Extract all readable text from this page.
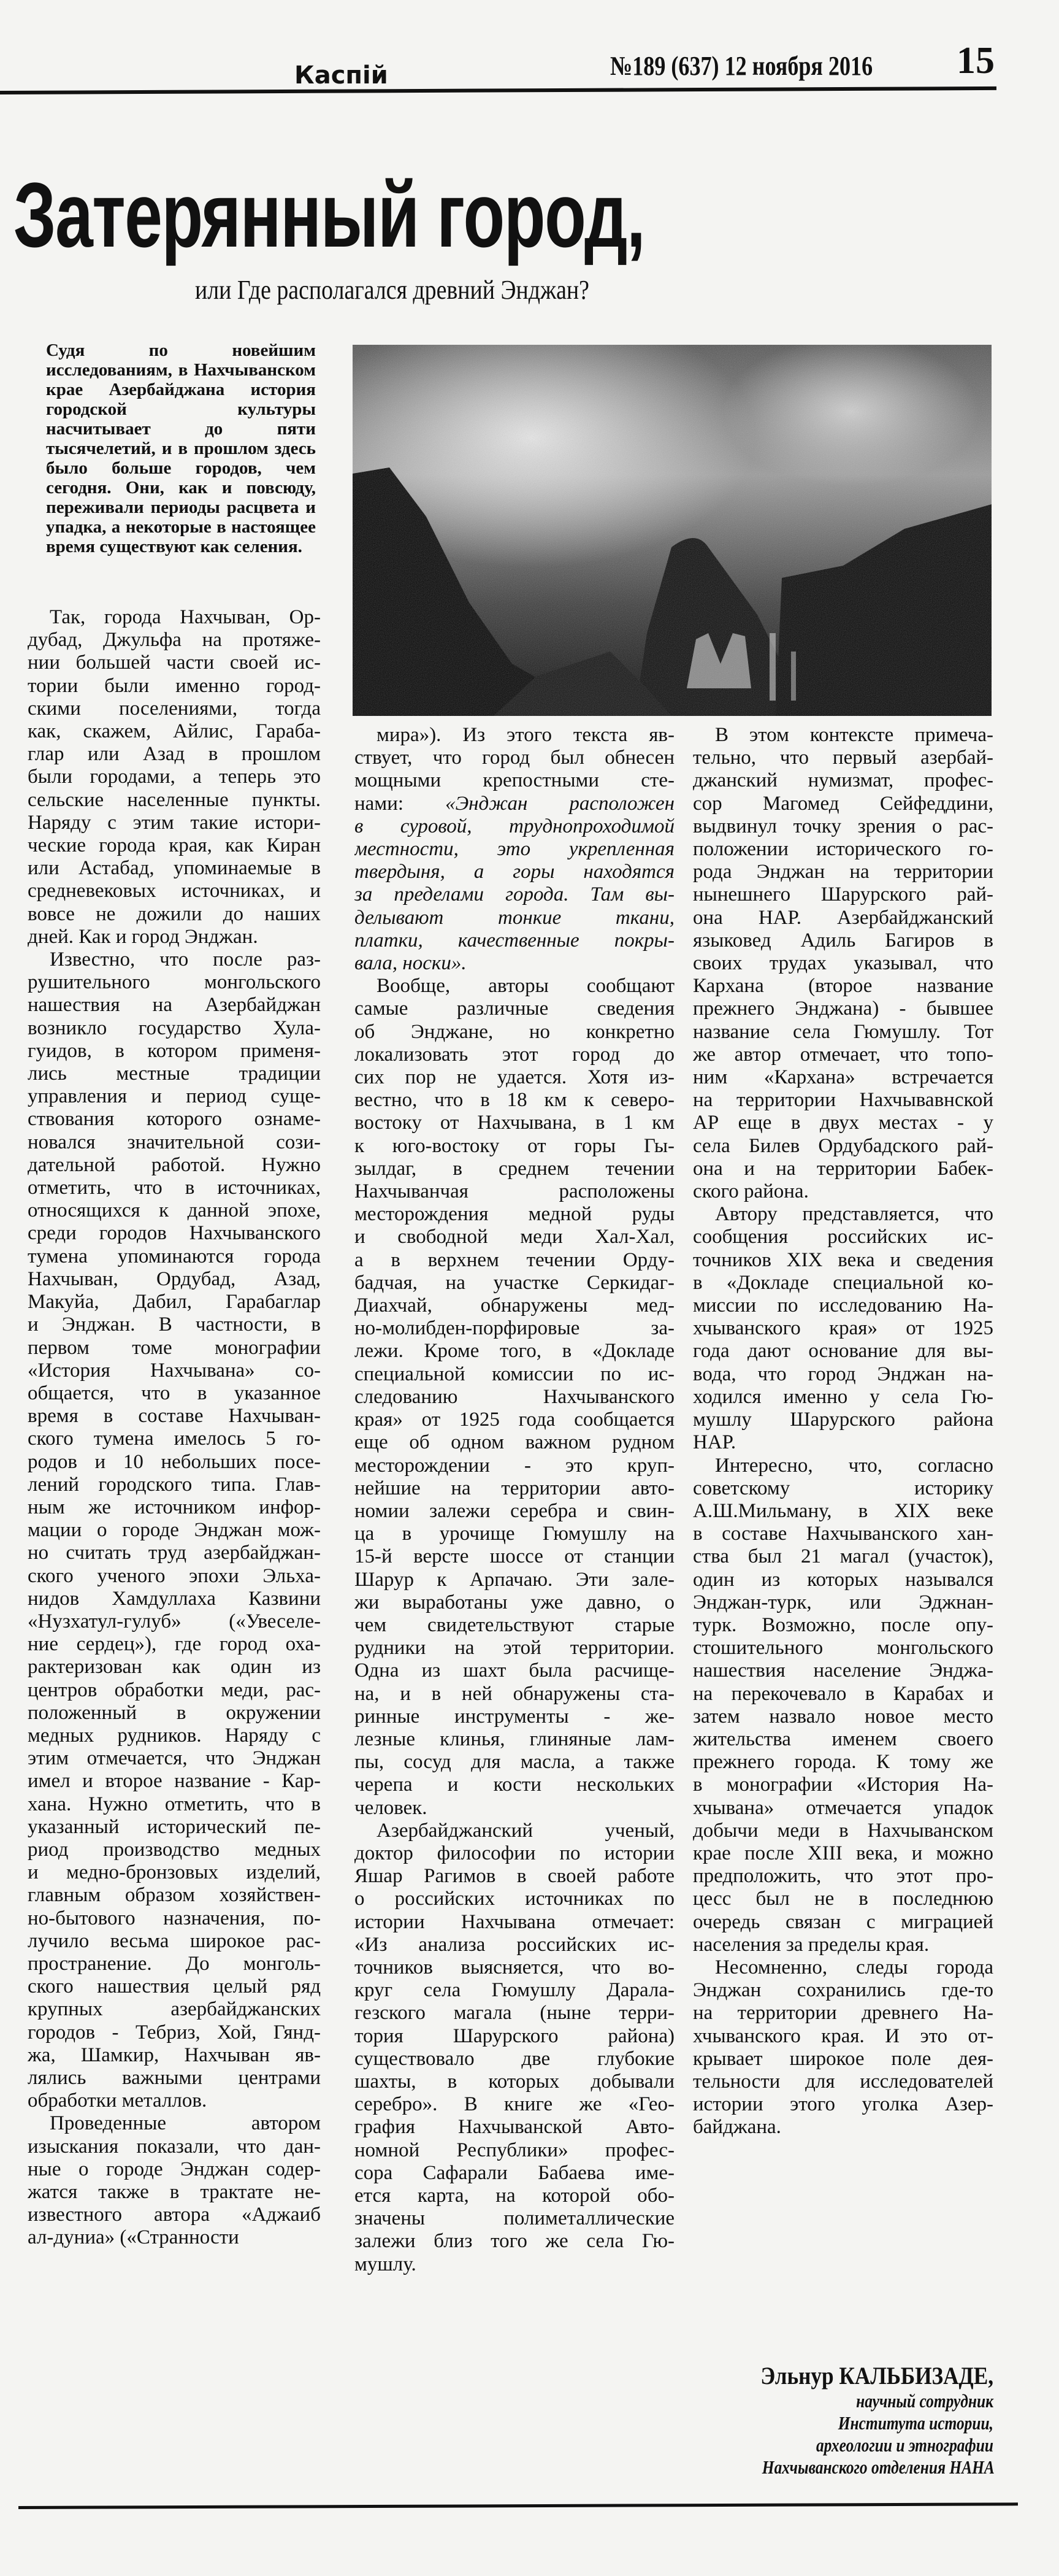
Каспiй	№189 (637) 12 ноября 2016 15
Затерянный город,
или Где располагался древний Энджан?
Судя по новейшим исследованиям, в Нахчыванском крае Азербайджана история городской культуры насчитывает до пяти тысячелетий, и в прошлом здесь было больше городов, чем сегодня. Они, как и повсюду, переживали периоды расцвета и упадка, а некоторые в настоящее время существуют как селения.
Так, города Нахчыван, Ор-
дубад, Джульфа на протяже-
нии большей части своей ис-
тории были именно город-
скими поселениями, тогда
как, скажем, Айлис, Гараба-
глар или Азад в прошлом
были городами, а теперь это
сельские населенные пункты.
Наряду с этим такие истори-
ческие города края, как Киран
или Астабад, упоминаемые в
средневековых источниках, и
вовсе не дожили до наших
дней. Как и город Энджан.
Известно, что после раз-
рушительного монгольского
нашествия на Азербайджан
возникло государство Хула-
гуидов, в котором применя-
лись местные традиции
управления и период суще-
ствования которого ознаме-
новался значительной сози-
дательной работой. Нужно
отметить, что в источниках,
относящихся к данной эпохе,
среди городов Нахчыванского
тумена упоминаются города
Нахчыван, Ордубад, Азад,
Макуйа, Дабил, Гарабаглар
и Энджан. В частности, в
первом томе монографии
«История Нахчывана» со-
общается, что в указанное
время в составе Нахчыван-
ского тумена имелось 5 го-
родов и 10 небольших посе-
лений городского типа. Глав-
ным же источником инфор-
мации о городе Энджан мож-
но считать труд азербайджан-
ского ученого эпохи Эльха-
нидов Хамдуллаха Казвини
«Нузхатул-гулуб» («Увеселе-
ние сердец»), где город оха-
рактеризован как один из
центров обработки меди, рас-
положенный в окружении
медных рудников. Наряду с
этим отмечается, что Энджан
имел и второе название - Кар-
хана. Нужно отметить, что в
указанный исторический пе-
риод производство медных
и медно-бронзовых изделий,
главным образом хозяйствен-
но-бытового назначения, по-
лучило весьма широкое рас-
пространение. До монголь-
ского нашествия целый ряд
крупных азербайджанских
городов - Тебриз, Хой, Гянд-
жа, Шамкир, Нахчыван яв-
лялись важными центрами
обработки металлов.
Проведенные автором
изыскания показали, что дан-
ные о городе Энджан содер-
жатся также в трактате не-
известного автора «Аджаиб
ал-дуниа» («Странности
мира»). Из этого текста яв-
ствует, что город был обнесен
мощными крепостными сте-
нами: «Энджан расположен
в суровой, труднопроходимой
местности, это укрепленная
твердыня, а горы находятся
за пределами города. Там вы-
делывают тонкие ткани,
платки, качественные покры-
вала, носки».
Вообще, авторы сообщают
самые различные сведения
об Энджане, но конкретно
локализовать этот город до
сих пор не удается. Хотя из-
вестно, что в 18 км к северо-
востоку от Нахчывана, в 1 км
к юго-востоку от горы Гы-
зылдаг, в среднем течении
Нахчыванчая расположены
месторождения медной руды
и свободной меди Хал-Хал,
а в верхнем течении Орду-
бадчая, на участке Серкидаг-
Диахчай, обнаружены мед-
но-молибден-порфировые за-
лежи. Кроме того, в «Докладе
специальной комиссии по ис-
следованию Нахчыванского
края» от 1925 года сообщается
еще об одном важном рудном
месторождении - это круп-
нейшие на территории авто-
номии залежи серебра и свин-
ца в урочище Гюмушлу на
15-й версте шоссе от станции
Шарур к Арпачаю. Эти зале-
жи выработаны уже давно, о
чем свидетельствуют старые
рудники на этой территории.
Одна из шахт была расчище-
на, и в ней обнаружены ста-
ринные инструменты - же-
лезные клинья, глиняные лам-
пы, сосуд для масла, а также
черепа и кости нескольких
человек.
Азербайджанский ученый,
доктор философии по истории
Яшар Рагимов в своей работе
о российских источниках по
истории Нахчывана отмечает:
«Из анализа российских ис-
точников выясняется, что во-
круг села Гюмушлу Даралa-
гезского магала (ныне терри-
тория Шарурского района)
существовало две глубокие
шахты, в которых добывали
серебро». В книге же «Гео-
графия Нахчыванской Авто-
номной Республики» профес-
сора Сафарали Бабаева име-
ется карта, на которой обо-
значены полиметаллические
залежи близ того же села Гю-
мушлу.
В этом контексте примеча-
тельно, что первый азербай-
джанский нумизмат, профес-
сор Магомед Сейфеддини,
выдвинул точку зрения о рас-
положении исторического го-
рода Энджан на территории
нынешнего Шарурского рай-
она НАР. Азербайджанский
языковед Адиль Багиров в
своих трудах указывал, что
Кархана (второе название
прежнего Энджана) - бывшее
название села Гюмушлу. Тот
же автор отмечает, что топо-
ним «Кархана» встречается
на территории Нахчывавнской
АР еще в двух местах - у
села Билев Ордубадского рай-
она и на территории Бабек-
ского района.
Автору представляется, что
сообщения российских ис-
точников XIX века и сведения
в «Докладе специальной ко-
миссии по исследованию На-
хчыванского края» от 1925
года дают основание для вы-
вода, что город Энджан на-
ходился именно у села Гю-
мушлу Шарурского района
НАР.
Интересно, что, согласно
советскому историку
А.Ш.Мильману, в XIX веке
в составе Нахчыванского хан-
ства был 21 магал (участок),
один из которых назывался
Энджан-турк, или Эджнан-
турк. Возможно, после опу-
стошительного монгольского
нашествия население Энджа-
на перекочевало в Карабах и
затем назвало новое место
жительства именем своего
прежнего города. К тому же
в монографии «История На-
хчывана» отмечается упадок
добычи меди в Нахчыванском
крае после XIII века, и можно
предположить, что этот про-
цесс был не в последнюю
очередь связан с миграцией
населения за пределы края.
Несомненно, следы города
Энджан сохранились где-то
на территории древнего На-
хчыванского края. И это от-
крывает широкое поле дея-
тельности для исследователей
истории этого уголка Азер-
байджана.
Эльнур КАЛЬБИЗАДЕ,
научный сотрудник
Института истории,
археологии и этнографии
Нахчыванского отделения НАНА
